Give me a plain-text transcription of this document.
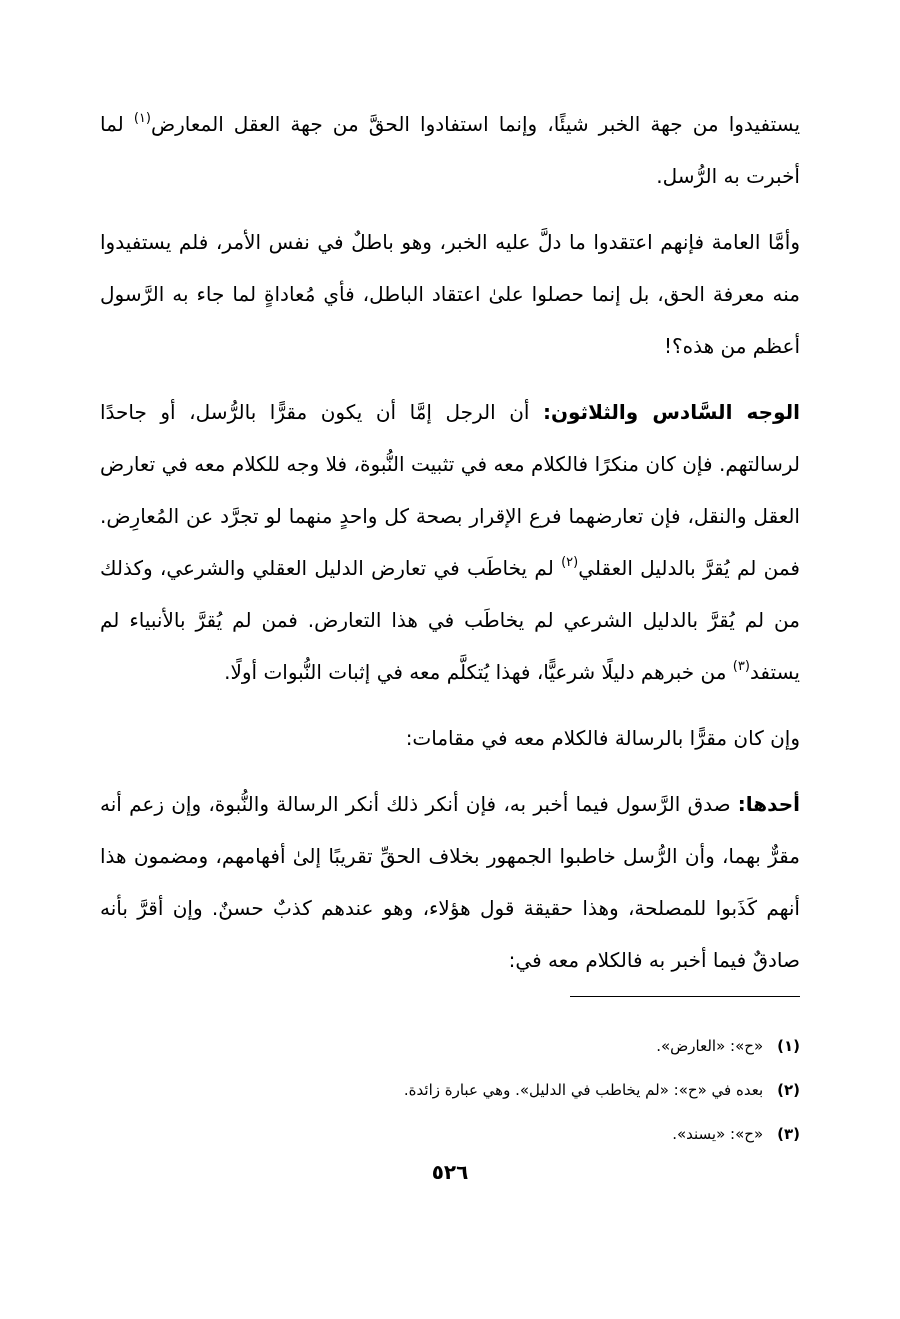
يستفيدوا من جهة الخبر شيئًا، وإنما استفادوا الحقَّ من جهة العقل المعارض$^{(١)}$ لما أخبرت به الرُّسل.

وأمَّا العامة فإنهم اعتقدوا ما دلَّ عليه الخبر، وهو باطلٌ في نفس الأمر، فلم يستفيدوا منه معرفة الحق، بل إنما حصلوا علىٰ اعتقاد الباطل، فأي مُعاداةٍ لما جاء به الرَّسول أعظم من هذه؟!

الوجه السَّادس والثلاثون: أن الرجل إمَّا أن يكون مقرًّا بالرُّسل، أو جاحدًا لرسالتهم. فإن كان منكرًا فالكلام معه في تثبيت النُّبوة، فلا وجه للكلام معه في تعارض العقل والنقل، فإن تعارضهما فرع الإقرار بصحة كل واحدٍ منهما لو تجرَّد عن المُعارِض. فمن لم يُقرَّ بالدليل العقلي$^{(٢)}$ لم يخاطَب في تعارض الدليل العقلي والشرعي، وكذلك من لم يُقرَّ بالدليل الشرعي لم يخاطَب في هذا التعارض. فمن لم يُقرَّ بالأنبياء لم يستفد$^{(٣)}$ من خبرهم دليلًا شرعيًّا، فهذا يُتكلَّم معه في إثبات النُّبوات أولًا.

وإن كان مقرًّا بالرسالة فالكلام معه في مقامات:

أحدها: صدق الرَّسول فيما أخبر به، فإن أنكر ذلك أنكر الرسالة والنُّبوة، وإن زعم أنه مقرٌّ بهما، وأن الرُّسل خاطبوا الجمهور بخلاف الحقِّ تقريبًا إلىٰ أفهامهم، ومضمون هذا أنهم كَذَبوا للمصلحة، وهذا حقيقة قول هؤلاء، وهو عندهم كذبٌ حسنٌ. وإن أقرَّ بأنه صادقٌ فيما أخبر به فالكلام معه في:

(١)«ح»: «العارض».
(٢)بعده في «ح»: «لم يخاطب في الدليل». وهي عبارة زائدة.
(٣)«ح»: «يسند».
٥٢٦
